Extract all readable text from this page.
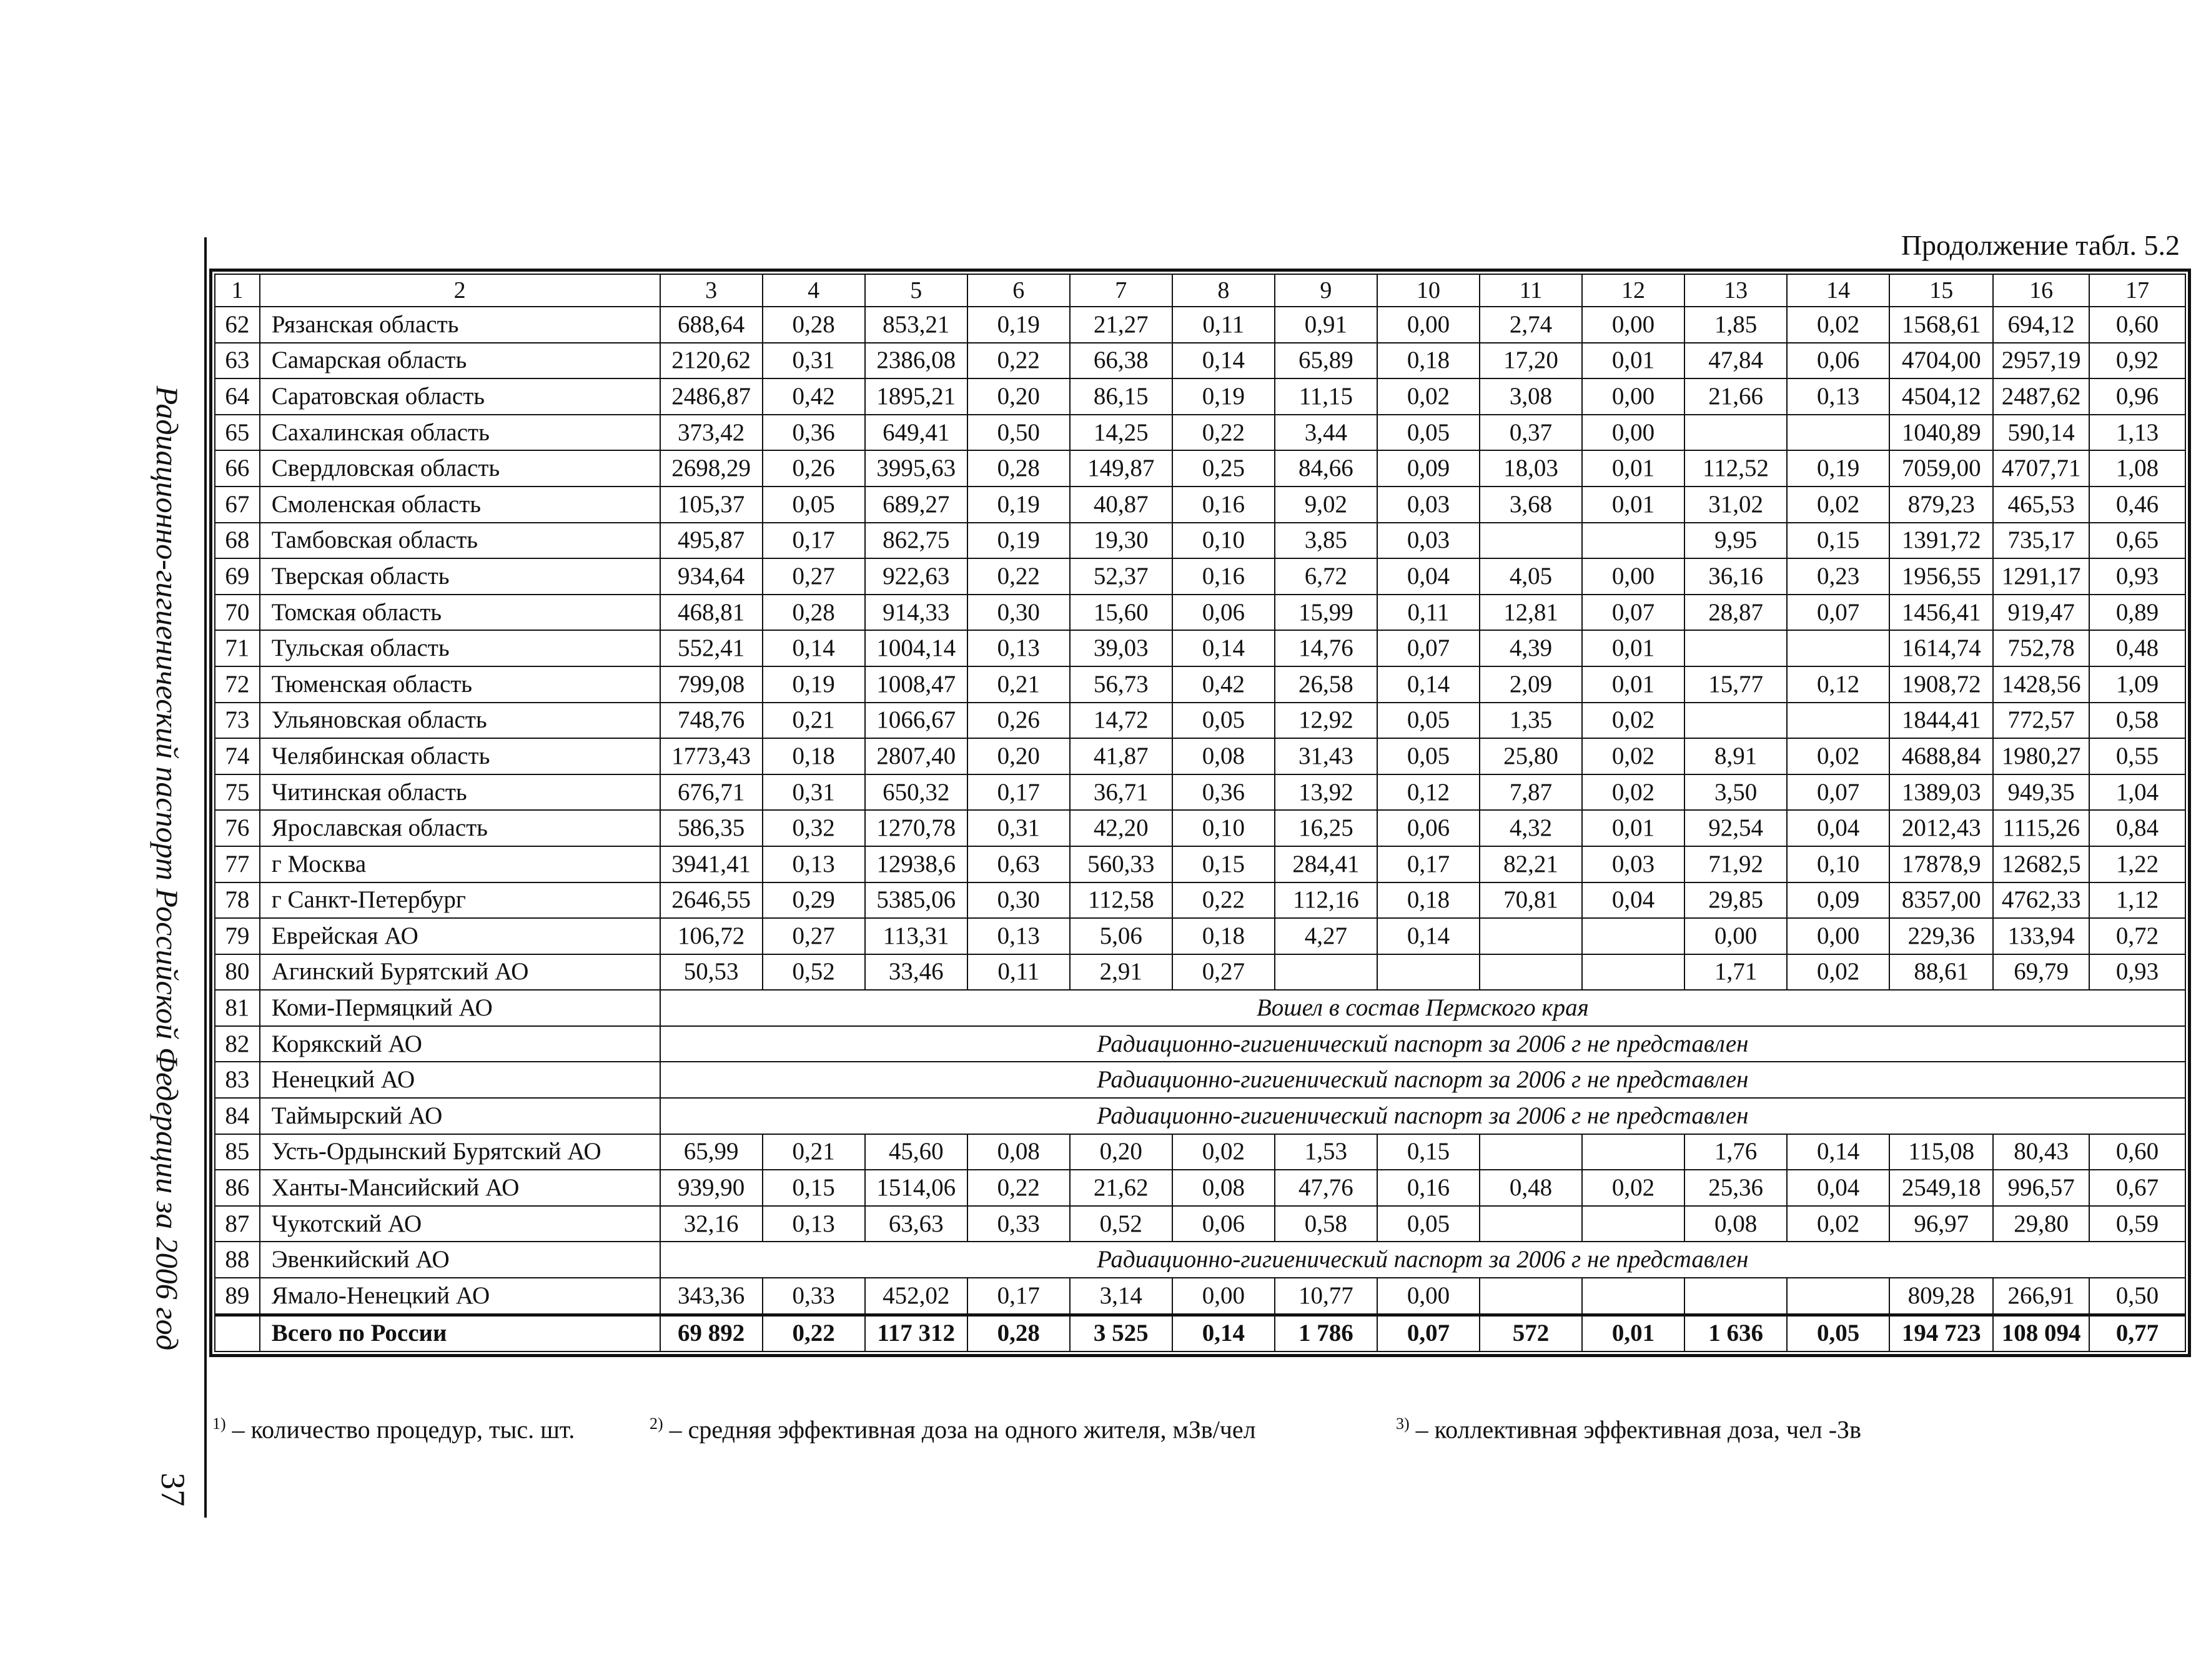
Радиационно-гигиенический паспорт Российской Федерации за 2006 год
37
Продолжение табл. 5.2
1	2	3	4	5	6	7	8	9	10	11	12	13	14	15	16	17
62	Рязанская область	688,64	0,28	853,21	0,19	21,27	0,11	0,91	0,00	2,74	0,00	1,85	0,02	1568,61	694,12	0,60
63	Самарская область	2120,62	0,31	2386,08	0,22	66,38	0,14	65,89	0,18	17,20	0,01	47,84	0,06	4704,00	2957,19	0,92
64	Саратовская область	2486,87	0,42	1895,21	0,20	86,15	0,19	11,15	0,02	3,08	0,00	21,66	0,13	4504,12	2487,62	0,96
65	Сахалинская область	373,42	0,36	649,41	0,50	14,25	0,22	3,44	0,05	0,37	0,00			1040,89	590,14	1,13
66	Свердловская область	2698,29	0,26	3995,63	0,28	149,87	0,25	84,66	0,09	18,03	0,01	112,52	0,19	7059,00	4707,71	1,08
67	Смоленская область	105,37	0,05	689,27	0,19	40,87	0,16	9,02	0,03	3,68	0,01	31,02	0,02	879,23	465,53	0,46
68	Тамбовская область	495,87	0,17	862,75	0,19	19,30	0,10	3,85	0,03			9,95	0,15	1391,72	735,17	0,65
69	Тверская область	934,64	0,27	922,63	0,22	52,37	0,16	6,72	0,04	4,05	0,00	36,16	0,23	1956,55	1291,17	0,93
70	Томская область	468,81	0,28	914,33	0,30	15,60	0,06	15,99	0,11	12,81	0,07	28,87	0,07	1456,41	919,47	0,89
71	Тульская область	552,41	0,14	1004,14	0,13	39,03	0,14	14,76	0,07	4,39	0,01			1614,74	752,78	0,48
72	Тюменская область	799,08	0,19	1008,47	0,21	56,73	0,42	26,58	0,14	2,09	0,01	15,77	0,12	1908,72	1428,56	1,09
73	Ульяновская область	748,76	0,21	1066,67	0,26	14,72	0,05	12,92	0,05	1,35	0,02			1844,41	772,57	0,58
74	Челябинская область	1773,43	0,18	2807,40	0,20	41,87	0,08	31,43	0,05	25,80	0,02	8,91	0,02	4688,84	1980,27	0,55
75	Читинская область	676,71	0,31	650,32	0,17	36,71	0,36	13,92	0,12	7,87	0,02	3,50	0,07	1389,03	949,35	1,04
76	Ярославская область	586,35	0,32	1270,78	0,31	42,20	0,10	16,25	0,06	4,32	0,01	92,54	0,04	2012,43	1115,26	0,84
77	г Москва	3941,41	0,13	12938,6	0,63	560,33	0,15	284,41	0,17	82,21	0,03	71,92	0,10	17878,9	12682,5	1,22
78	г Санкт-Петербург	2646,55	0,29	5385,06	0,30	112,58	0,22	112,16	0,18	70,81	0,04	29,85	0,09	8357,00	4762,33	1,12
79	Еврейская АО	106,72	0,27	113,31	0,13	5,06	0,18	4,27	0,14			0,00	0,00	229,36	133,94	0,72
80	Агинский Бурятский АО	50,53	0,52	33,46	0,11	2,91	0,27					1,71	0,02	88,61	69,79	0,93
81	Коми-Пермяцкий АО	Вошел в состав Пермского края														
82	Корякский АО	Радиационно-гигиенический паспорт за 2006 г не представлен														
83	Ненецкий АО	Радиационно-гигиенический паспорт за 2006 г не представлен														
84	Таймырский АО	Радиационно-гигиенический паспорт за 2006 г не представлен														
85	Усть-Ордынский Бурятский АО	65,99	0,21	45,60	0,08	0,20	0,02	1,53	0,15			1,76	0,14	115,08	80,43	0,60
86	Ханты-Мансийский АО	939,90	0,15	1514,06	0,22	21,62	0,08	47,76	0,16	0,48	0,02	25,36	0,04	2549,18	996,57	0,67
87	Чукотский АО	32,16	0,13	63,63	0,33	0,52	0,06	0,58	0,05			0,08	0,02	96,97	29,80	0,59
88	Эвенкийский АО	Радиационно-гигиенический паспорт за 2006 г не представлен														
89	Ямало-Ненецкий АО	343,36	0,33	452,02	0,17	3,14	0,00	10,77	0,00					809,28	266,91	0,50
	Всего по России	69 892	0,22	117 312	0,28	3 525	0,14	1 786	0,07	572	0,01	1 636	0,05	194 723	108 094	0,77
$^{1)}$ – количество процедур, тыс. шт.	$^{2)}$ – средняя эффективная доза на одного жителя, мЗв/чел	$^{3)}$ – коллективная эффективная доза, чел -Зв
